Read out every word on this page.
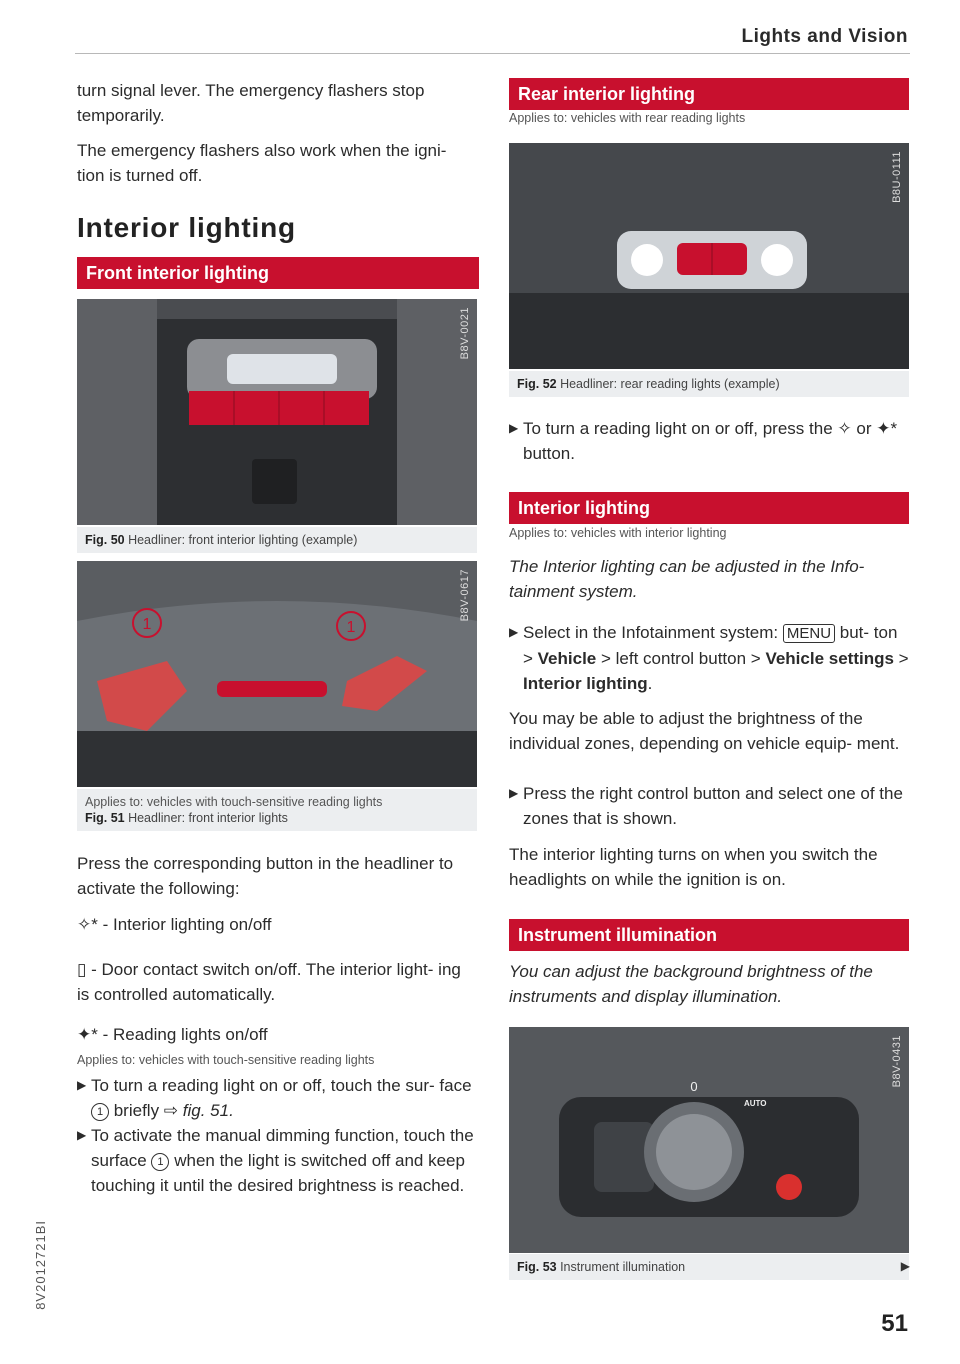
Lights and Vision

turn signal lever. The emergency flashers stop temporarily.

The emergency flashers also work when the igni- tion is turned off.

Interior lighting
Front interior lighting
B8V-0021
Fig. 50 Headliner: front interior lighting (example)
1	1
B8V-0617
Applies to: vehicles with touch-sensitive reading lights
Fig. 51 Headliner: front interior lights

Press the corresponding button in the headliner to activate the following:

✧* - Interior lighting on/off
▯ - Door contact switch on/off. The interior light- ing is controlled automatically.
✦* - Reading lights on/off
Applies to: vehicles with touch-sensitive reading lights
▶ To turn a reading light on or off, touch the sur- face 1 briefly ⇨ fig. 51.
▶ To activate the manual dimming function, touch the surface 1 when the light is switched off and keep touching it until the desired brightness is reached.
Rear interior lighting
Applies to: vehicles with rear reading lights
B8U-0111
Fig. 52 Headliner: rear reading lights (example)
▶ To turn a reading light on or off, press the ✧ or ✦* button.
Interior lighting
Applies to: vehicles with interior lighting

The Interior lighting can be adjusted in the Info- tainment system.

▶ Select in the Infotainment system: MENU but- ton > Vehicle > left control button > Vehicle settings > Interior lighting.

You may be able to adjust the brightness of the individual zones, depending on vehicle equip- ment.

▶ Press the right control button and select one of the zones that is shown.

The interior lighting turns on when you switch the headlights on while the ignition is on.

Instrument illumination

You can adjust the background brightness of the instruments and display illumination.

0
AUTO
B8V-0431
Fig. 53 Instrument illumination	▶
51
8V2012721BI
